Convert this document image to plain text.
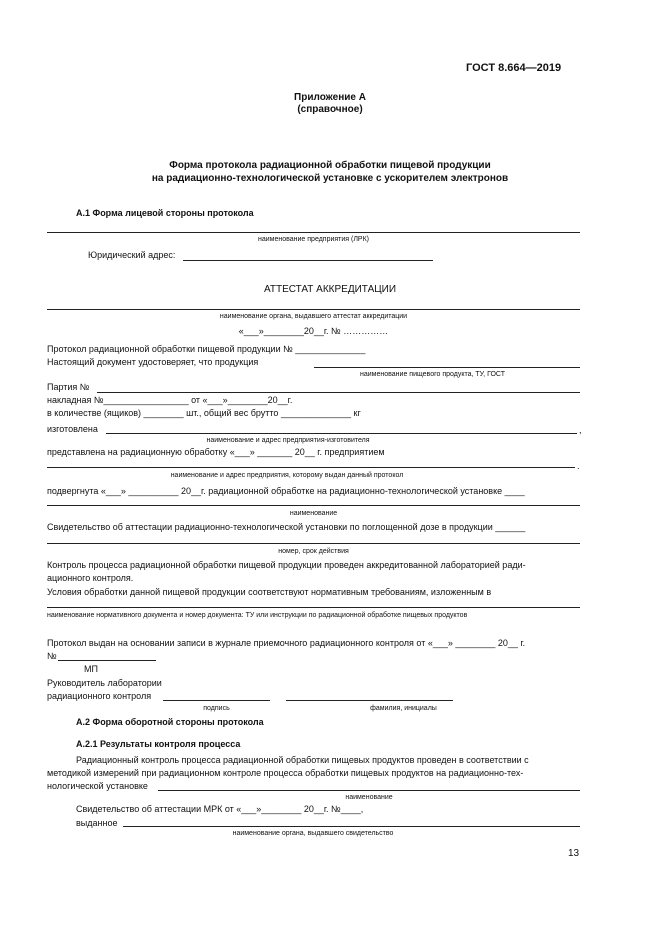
ГОСТ 8.664—2019
Приложение А
(справочное)
Форма протокола радиационной обработки пищевой продукции
на радиационно-технологической установке с ускорителем электронов
А.1 Форма лицевой стороны протокола
наименование предприятия (ЛРК)
Юридический адрес:
АТТЕСТАТ АККРЕДИТАЦИИ
наименование органа, выдавшего аттестат аккредитации
«___»________20__г. № ……………
Протокол радиационной обработки пищевой продукции № ______________
Настоящий документ удостоверяет, что продукция
наименование пищевого продукта, ТУ, ГОСТ
Партия №
накладная №_________________ от «___»________20__г.
в количестве (ящиков) ________ шт., общий вес брутто ______________ кг
изготовлена	,
наименование и адрес предприятия-изготовителя
представлена на радиационную обработку «___» _______ 20__ г. предприятием
.
наименование и адрес предприятия, которому выдан данный протокол
подвергнута «___» __________ 20__г. радиационной обработке на радиационно-технологической установке ____
наименование
Свидетельство об аттестации радиационно-технологической установки по поглощенной дозе в продукции ______
номер, срок действия
Контроль процесса радиационной обработки пищевой продукции проведен аккредитованной лабораторией ради-
ационного контроля.
Условия обработки данной пищевой продукции соответствуют нормативным требованиям, изложенным в
наименование нормативного документа и номер документа: ТУ или инструкции по радиационной обработке пищевых продуктов
Протокол выдан на основании записи в журнале приемочного радиационного контроля от «___» ________ 20__ г.
№
МП
Руководитель лаборатории
радиационного контроля
подпись	фамилия, инициалы
А.2 Форма оборотной стороны протокола
А.2.1 Результаты контроля процесса
Радиационный контроль процесса радиационной обработки пищевых продуктов проведен в соответствии с
методикой измерений при радиационном контроле процесса обработки пищевых продуктов на радиационно-тех-
нологической установке
наименование
Свидетельство об аттестации МРК от «___»________ 20__г. №____,
выданное
наименование органа, выдавшего свидетельство
13
